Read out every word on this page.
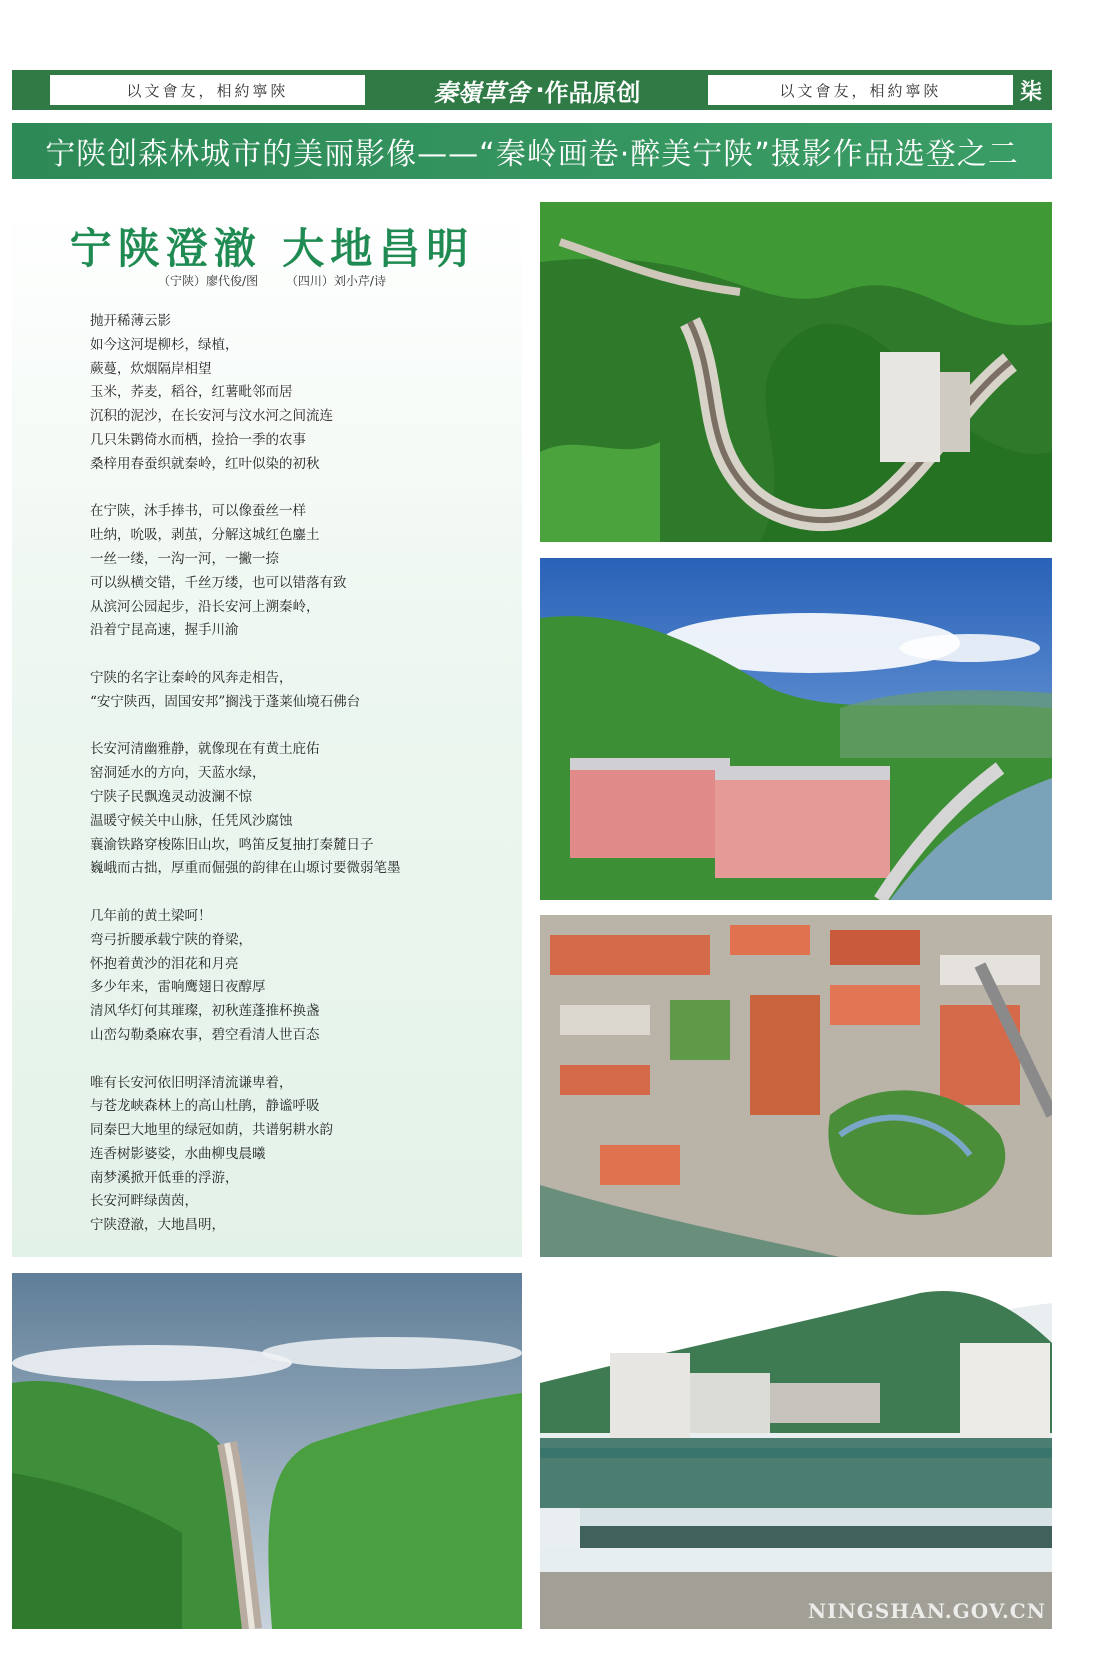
以文會友，相約寧陝	秦嶺草舍 · 作品原创	以文會友，相約寧陝	柒
宁陕创森林城市的美丽影像——“秦岭画卷·醉美宁陕”摄影作品选登之二
宁陕澄澈 大地昌明
（宁陕）廖代俊/图 （四川）刘小芹/诗
抛开稀薄云影
如今这河堤柳杉，绿植，
蕨蔓，炊烟隔岸相望
玉米，荞麦，稻谷，红薯毗邻而居
沉积的泥沙，在长安河与汶水河之间流连
几只朱鹮倚水而栖，捡拾一季的农事
桑梓用春蚕织就秦岭，红叶似染的初秋
在宁陕，沐手捧书，可以像蚕丝一样
吐纳，吮吸，剥茧，分解这城红色鏖土
一丝一缕，一沟一河，一撇一捺
可以纵横交错，千丝万缕，也可以错落有致
从滨河公园起步，沿长安河上溯秦岭，
沿着宁昆高速，握手川渝
宁陕的名字让秦岭的风奔走相告，
“安宁陕西，固国安邦”搁浅于蓬莱仙境石佛台
长安河清幽雅静，就像现在有黄土庇佑
窑洞延水的方向，天蓝水绿，
宁陕子民飘逸灵动波澜不惊
温暖守候关中山脉，任凭风沙腐蚀
襄渝铁路穿梭陈旧山坎，鸣笛反复抽打秦麓日子
巍峨而古拙，厚重而倔强的韵律在山塬讨要微弱笔墨
几年前的黄土梁呵！
弯弓折腰承载宁陕的脊梁，
怀抱着黄沙的泪花和月亮
多少年来，雷响鹰翅日夜醇厚
清风华灯何其璀璨，初秋莲蓬推杯换盏
山峦勾勒桑麻农事，碧空看清人世百态
唯有长安河依旧明泽清流谦卑着，
与苍龙峡森林上的高山杜鹃，静谧呼吸
同秦巴大地里的绿冠如荫，共谱躬耕水韵
连香树影婆娑，水曲柳曳晨曦
南梦溪掀开低垂的浮游，
长安河畔绿茵茵，
宁陕澄澈，大地昌明，
NINGSHAN.GOV.CN
